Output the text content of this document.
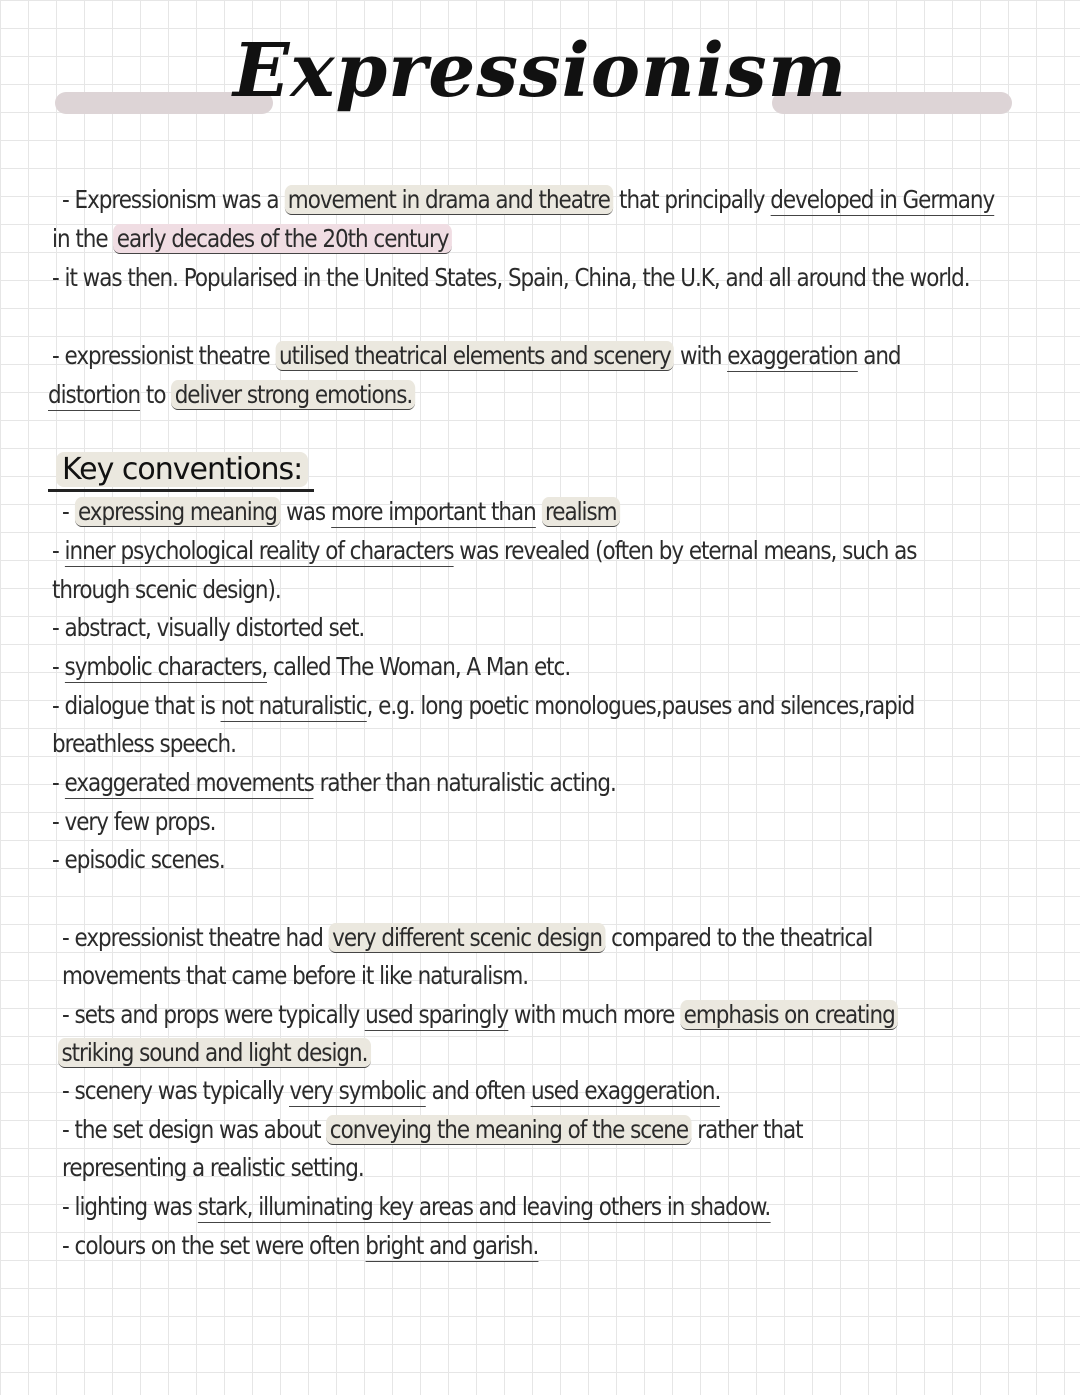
Expressionism
- Expressionism was a movement in drama and theatre that principally developed in Germany
in the early decades of the 20th century
- it was then. Popularised in the United States, Spain, China, the U.K, and all around the world.
- expressionist theatre utilised theatrical elements and scenery with exaggeration and
distortion to deliver strong emotions.
Key conventions:
- expressing meaning was more important than realism
- inner psychological reality of characters was revealed (often by eternal means, such as
through scenic design).
- abstract, visually distorted set.
- symbolic characters, called The Woman, A Man etc.
- dialogue that is not naturalistic, e.g. long poetic monologues,pauses and silences,rapid
breathless speech.
- exaggerated movements rather than naturalistic acting.
- very few props.
- episodic scenes.
- expressionist theatre had very different scenic design compared to the theatrical
movements that came before it like naturalism.
- sets and props were typically used sparingly with much more emphasis on creating
striking sound and light design.
- scenery was typically very symbolic and often used exaggeration.
- the set design was about conveying the meaning of the scene rather that
representing a realistic setting.
- lighting was stark, illuminating key areas and leaving others in shadow.
- colours on the set were often bright and garish.
